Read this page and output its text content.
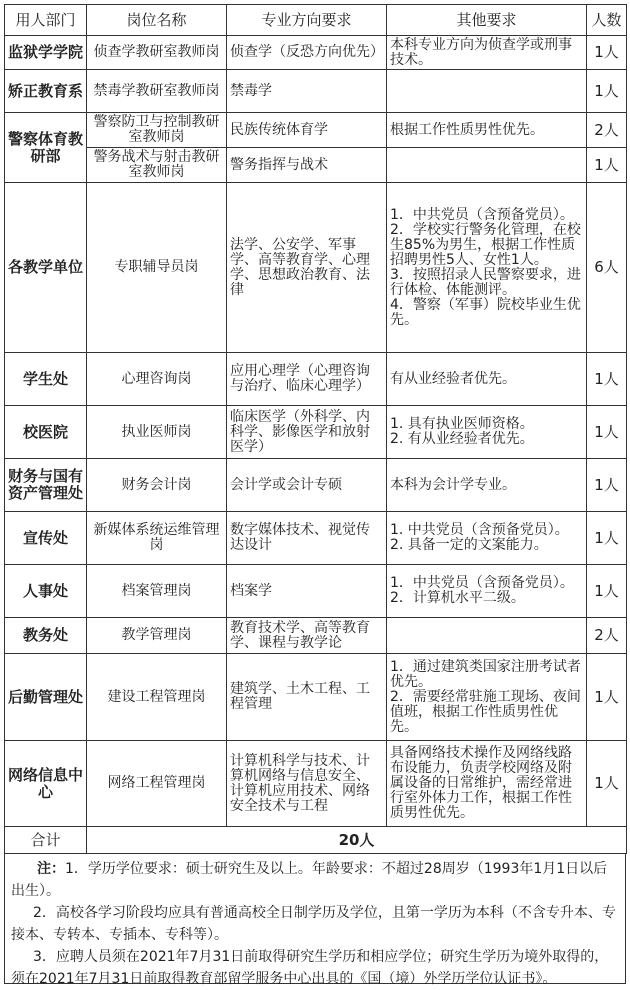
用人部门	岗位名称	专业方向要求	其他要求	人数
监狱学学院	侦查学教研室教师岗	侦查学（反恐方向优先）	本科专业方向为侦查学或刑事技术。	1人
矫正教育系	禁毒学教研室教师岗	禁毒学		1人
警察体育教研部	警察防卫与控制教研室教师岗	民族传统体育学	根据工作性质男性优先。	2人
	警务战术与射击教研室教师岗	警务指挥与战术		1人
各教学单位	专职辅导员岗	法学、公安学、军事学、高等教育学、心理学、思想政治教育、法律	1．中共党员（含预备党员）。
2．学校实行警务化管理，在校生85%为男生，根据工作性质招聘男性5人、女性1人。
3．按照招录人民警察要求，进行体检、体能测评。
4．警察（军事）院校毕业生优先。	6人
学生处	心理咨询岗	应用心理学（心理咨询与治疗、临床心理学）	有从业经验者优先。	1人
校医院	执业医师岗	临床医学（外科学、内科学、影像医学和放射医学）	1. 具有执业医师资格。
2. 有从业经验者优先。	1人
财务与国有资产管理处	财务会计岗	会计学或会计专硕	本科为会计学专业。	1人
宣传处	新媒体系统运维管理岗	数字媒体技术、视觉传达设计	1. 中共党员（含预备党员）。
2. 具备一定的文案能力。	1人
人事处	档案管理岗	档案学	1．中共党员（含预备党员）。
2．计算机水平二级。	1人
教务处	教学管理岗	教育技术学、高等教育学、课程与教学论		2人
后勤管理处	建设工程管理岗	建筑学、土木工程、工程管理	1．通过建筑类国家注册考试者优先。
2．需要经常驻施工现场、夜间值班，根据工作性质男性优先。	1人
网络信息中心	网络工程管理岗	计算机科学与技术、计算机网络与信息安全、计算机应用技术、网络安全技术与工程	具备网络技术操作及网络线路布设能力，负责学校网络及附属设备的日常维护，需经常进行室外体力工作，根据工作性质男性优先。	1人
合计	20人			

注：1．学历学位要求：硕士研究生及以上。年龄要求：不超过28周岁（1993年1月1日以后出生）。

2．高校各学习阶段均应具有普通高校全日制学历及学位，且第一学历为本科（不含专升本、专接本、专转本、专插本、专科等）。

3．应聘人员须在2021年7月31日前取得研究生学历和相应学位；研究生学历为境外取得的，须在2021年7月31日前取得教育部留学服务中心出具的《国（境）外学历学位认证书》。
